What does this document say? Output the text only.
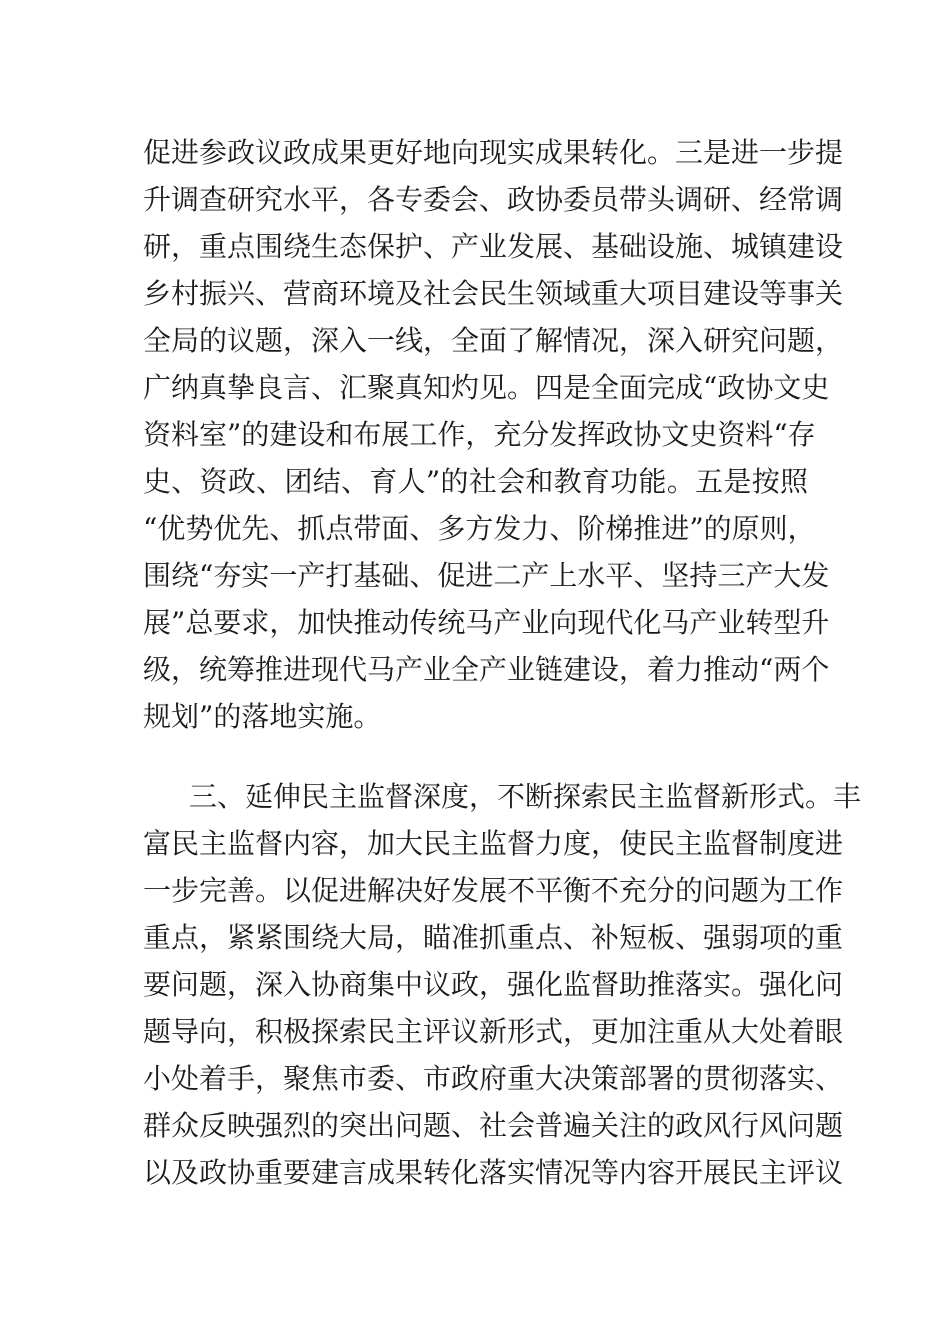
促进参政议政成果更好地向现实成果转化。三是进一步提
升调查研究水平，各专委会、政协委员带头调研、经常调
研，重点围绕生态保护、产业发展、基础设施、城镇建设
乡村振兴、营商环境及社会民生领域重大项目建设等事关
全局的议题，深入一线，全面了解情况，深入研究问题，
广纳真挚良言、汇聚真知灼见。四是全面完成“政协文史
资料室”的建设和布展工作，充分发挥政协文史资料“存
史、资政、团结、育人”的社会和教育功能。五是按照
“优势优先、抓点带面、多方发力、阶梯推进”的原则，
围绕“夯实一产打基础、促进二产上水平、坚持三产大发
展”总要求，加快推动传统马产业向现代化马产业转型升
级，统筹推进现代马产业全产业链建设，着力推动“两个
规划”的落地实施。
三、延伸民主监督深度，不断探索民主监督新形式。丰
富民主监督内容，加大民主监督力度，使民主监督制度进
一步完善。以促进解决好发展不平衡不充分的问题为工作
重点，紧紧围绕大局，瞄准抓重点、补短板、强弱项的重
要问题，深入协商集中议政，强化监督助推落实。强化问
题导向，积极探索民主评议新形式，更加注重从大处着眼
小处着手，聚焦市委、市政府重大决策部署的贯彻落实、
群众反映强烈的突出问题、社会普遍关注的政风行风问题
以及政协重要建言成果转化落实情况等内容开展民主评议
